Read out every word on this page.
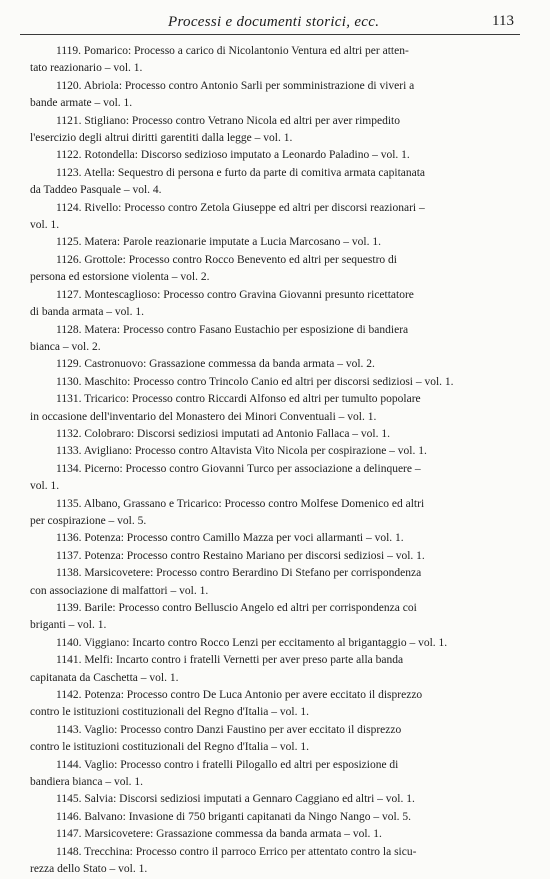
Processi e documenti storici, ecc.	113
1119. Pomarico: Processo a carico di Nicolantonio Ventura ed altri per atten-
tato reazionario – vol. 1.
1120. Abriola: Processo contro Antonio Sarli per somministrazione di viveri a
bande armate – vol. 1.
1121. Stigliano: Processo contro Vetrano Nicola ed altri per aver rimpedito
l'esercizio degli altrui diritti garentiti dalla legge – vol. 1.
1122. Rotondella: Discorso sedizioso imputato a Leonardo Paladino – vol. 1.
1123. Atella: Sequestro di persona e furto da parte di comitiva armata capitanata
da Taddeo Pasquale – vol. 4.
1124. Rivello: Processo contro Zetola Giuseppe ed altri per discorsi reazionari –
vol. 1.
1125. Matera: Parole reazionarie imputate a Lucia Marcosano – vol. 1.
1126. Grottole: Processo contro Rocco Benevento ed altri per sequestro di
persona ed estorsione violenta – vol. 2.
1127. Montescaglioso: Processo contro Gravina Giovanni presunto ricettatore
di banda armata – vol. 1.
1128. Matera: Processo contro Fasano Eustachio per esposizione di bandiera
bianca – vol. 2.
1129. Castronuovo: Grassazione commessa da banda armata – vol. 2.
1130. Maschito: Processo contro Trincolo Canio ed altri per discorsi sediziosi – vol. 1.
1131. Tricarico: Processo contro Riccardi Alfonso ed altri per tumulto popolare
in occasione dell'inventario del Monastero dei Minori Conventuali – vol. 1.
1132. Colobraro: Discorsi sediziosi imputati ad Antonio Fallaca – vol. 1.
1133. Avigliano: Processo contro Altavista Vito Nicola per cospirazione – vol. 1.
1134. Picerno: Processo contro Giovanni Turco per associazione a delinquere –
vol. 1.
1135. Albano, Grassano e Tricarico: Processo contro Molfese Domenico ed altri
per cospirazione – vol. 5.
1136. Potenza: Processo contro Camillo Mazza per voci allarmanti – vol. 1.
1137. Potenza: Processo contro Restaino Mariano per discorsi sediziosi – vol. 1.
1138. Marsicovetere: Processo contro Berardino Di Stefano per corrispondenza
con associazione di malfattori – vol. 1.
1139. Barile: Processo contro Belluscio Angelo ed altri per corrispondenza coi
briganti – vol. 1.
1140. Viggiano: Incarto contro Rocco Lenzi per eccitamento al brigantaggio – vol. 1.
1141. Melfi: Incarto contro i fratelli Vernetti per aver preso parte alla banda
capitanata da Caschetta – vol. 1.
1142. Potenza: Processo contro De Luca Antonio per avere eccitato il disprezzo
contro le istituzioni costituzionali del Regno d'Italia – vol. 1.
1143. Vaglio: Processo contro Danzi Faustino per aver eccitato il disprezzo
contro le istituzioni costituzionali del Regno d'Italia – vol. 1.
1144. Vaglio: Processo contro i fratelli Pilogallo ed altri per esposizione di
bandiera bianca – vol. 1.
1145. Salvia: Discorsi sediziosi imputati a Gennaro Caggiano ed altri – vol. 1.
1146. Balvano: Invasione di 750 briganti capitanati da Ningo Nango – vol. 5.
1147. Marsicovetere: Grassazione commessa da banda armata – vol. 1.
1148. Trecchina: Processo contro il parroco Errico per attentato contro la sicu-
rezza dello Stato – vol. 1.
